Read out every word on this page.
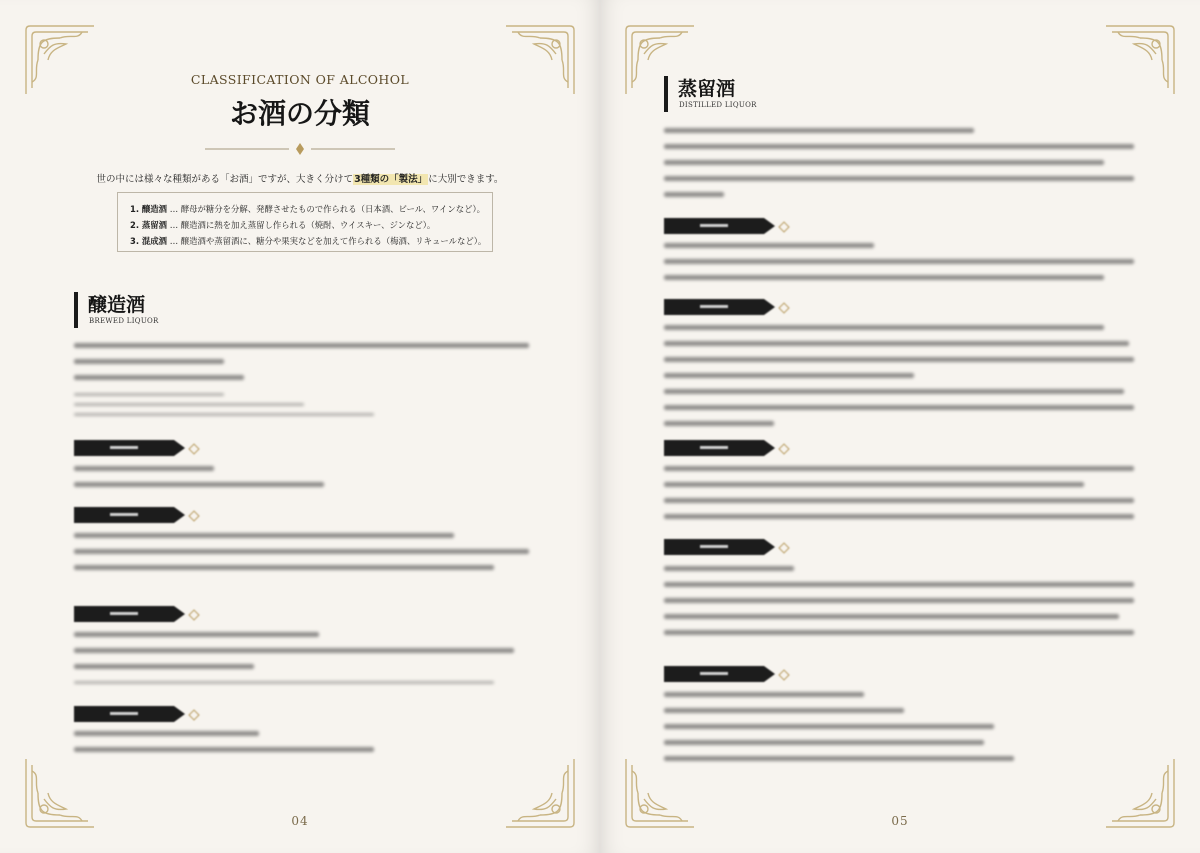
CLASSIFICATION OF ALCOHOL
お酒の分類
世の中には様々な種類がある「お酒」ですが、大きく分けて3種類の「製法」に大別できます。
1. 醸造酒 … 酵母が糖分を分解、発酵させたもので作られる（日本酒、ビール、ワインなど）。
2. 蒸留酒 … 醸造酒に熱を加え蒸留し作られる（焼酎、ウイスキー、ジンなど）。
3. 混成酒 … 醸造酒や蒸留酒に、糖分や果実などを加えて作られる（梅酒、リキュールなど）。
醸造酒
BREWED LIQUOR
04
蒸留酒
DISTILLED LIQUOR
05
